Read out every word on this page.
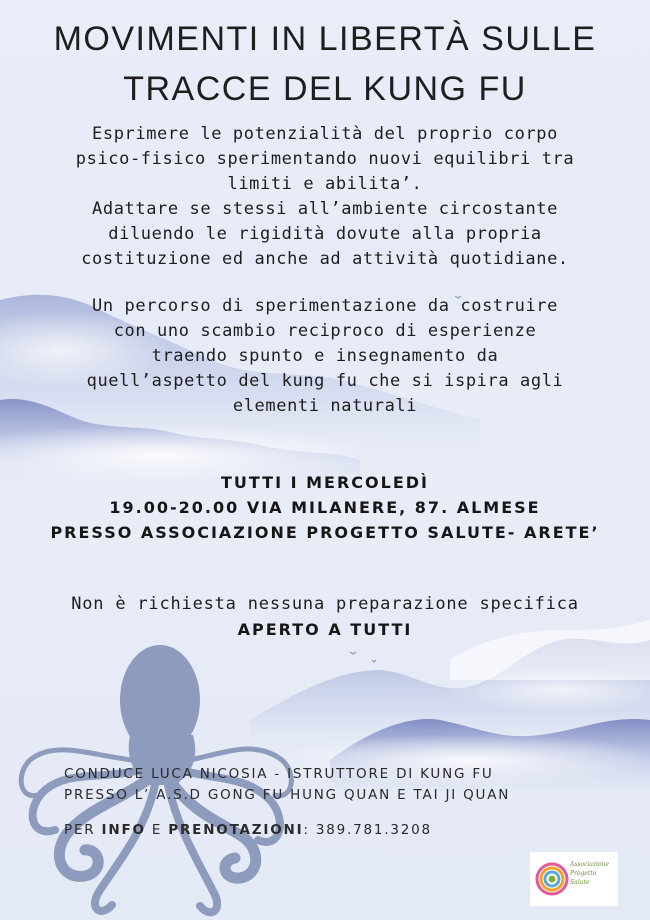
MOVIMENTI IN LIBERTÀ SULLE
TRACCE DEL KUNG FU
Esprimere le potenzialità del proprio corpo
psico-fisico sperimentando nuovi equilibri tra
limiti e abilita’.
Adattare se stessi all’ambiente circostante
diluendo le rigidità dovute alla propria
costituzione ed anche ad attività quotidiane.
Un percorso di sperimentazione da costruire
con uno scambio reciproco di esperienze
traendo spunto e insegnamento da
quell’aspetto del kung fu che si ispira agli
elementi naturali
TUTTI I MERCOLEDÌ
19.00-20.00 VIA MILANERE, 87. ALMESE
PRESSO ASSOCIAZIONE PROGETTO SALUTE- ARETE’
Non è richiesta nessuna preparazione specifica
APERTO A TUTTI
CONDUCE LUCA NICOSIA - ISTRUTTORE DI KUNG FU
PRESSO L’ A.S.D GONG FU HUNG QUAN E TAI JI QUAN
PER INFO E PRENOTAZIONI: 389.781.3208
Associazione
Progetto
Salute
